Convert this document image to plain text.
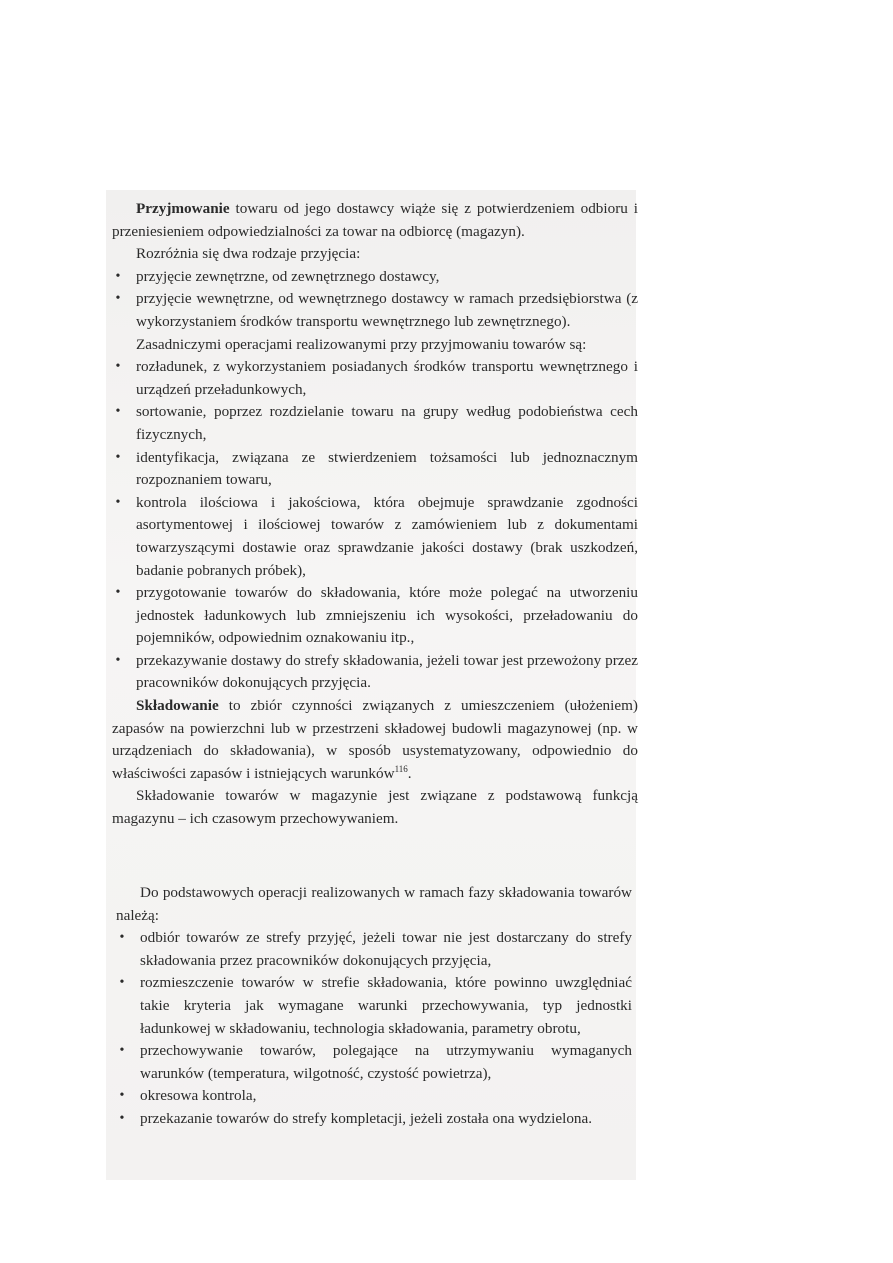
Przyjmowanie towaru od jego dostawcy wiąże się z potwierdzeniem odbioru i przeniesieniem odpowiedzialności za towar na odbiorcę (magazyn).

Rozróżnia się dwa rodzaje przyjęcia:

• przyjęcie zewnętrzne, od zewnętrznego dostawcy,
• przyjęcie wewnętrzne, od wewnętrznego dostawcy w ramach przedsiębiorstwa (z wykorzystaniem środków transportu wewnętrznego lub zewnętrznego).

Zasadniczymi operacjami realizowanymi przy przyjmowaniu towarów są:

• rozładunek, z wykorzystaniem posiadanych środków transportu wewnętrznego i urządzeń przeładunkowych,
• sortowanie, poprzez rozdzielanie towaru na grupy według podobieństwa cech fizycznych,
• identyfikacja, związana ze stwierdzeniem tożsamości lub jednoznacznym rozpoznaniem towaru,
• kontrola ilościowa i jakościowa, która obejmuje sprawdzanie zgodności asortymentowej i ilościowej towarów z zamówieniem lub z dokumentami towarzyszącymi dostawie oraz sprawdzanie jakości dostawy (brak uszkodzeń, badanie pobranych próbek),
• przygotowanie towarów do składowania, które może polegać na utworzeniu jednostek ładunkowych lub zmniejszeniu ich wysokości, przeładowaniu do pojemników, odpowiednim oznakowaniu itp.,
• przekazywanie dostawy do strefy składowania, jeżeli towar jest przewożony przez pracowników dokonujących przyjęcia.

Składowanie to zbiór czynności związanych z umieszczeniem (ułożeniem) zapasów na powierzchni lub w przestrzeni składowej budowli magazynowej (np. w urządzeniach do składowania), w sposób usystematyzowany, odpowiednio do właściwości zapasów i istniejących warunków$^{116}$.

Składowanie towarów w magazynie jest związane z podstawową funkcją magazynu – ich czasowym przechowywaniem.

Do podstawowych operacji realizowanych w ramach fazy składowania towarów należą:

• odbiór towarów ze strefy przyjęć, jeżeli towar nie jest dostarczany do strefy składowania przez pracowników dokonujących przyjęcia,
• rozmieszczenie towarów w strefie składowania, które powinno uwzględniać takie kryteria jak wymagane warunki przechowywania, typ jednostki ładunkowej w składowaniu, technologia składowania, parametry obrotu,
• przechowywanie towarów, polegające na utrzymywaniu wymaganych warunków (temperatura, wilgotność, czystość powietrza),
• okresowa kontrola,
• przekazanie towarów do strefy kompletacji, jeżeli została ona wydzielona.
